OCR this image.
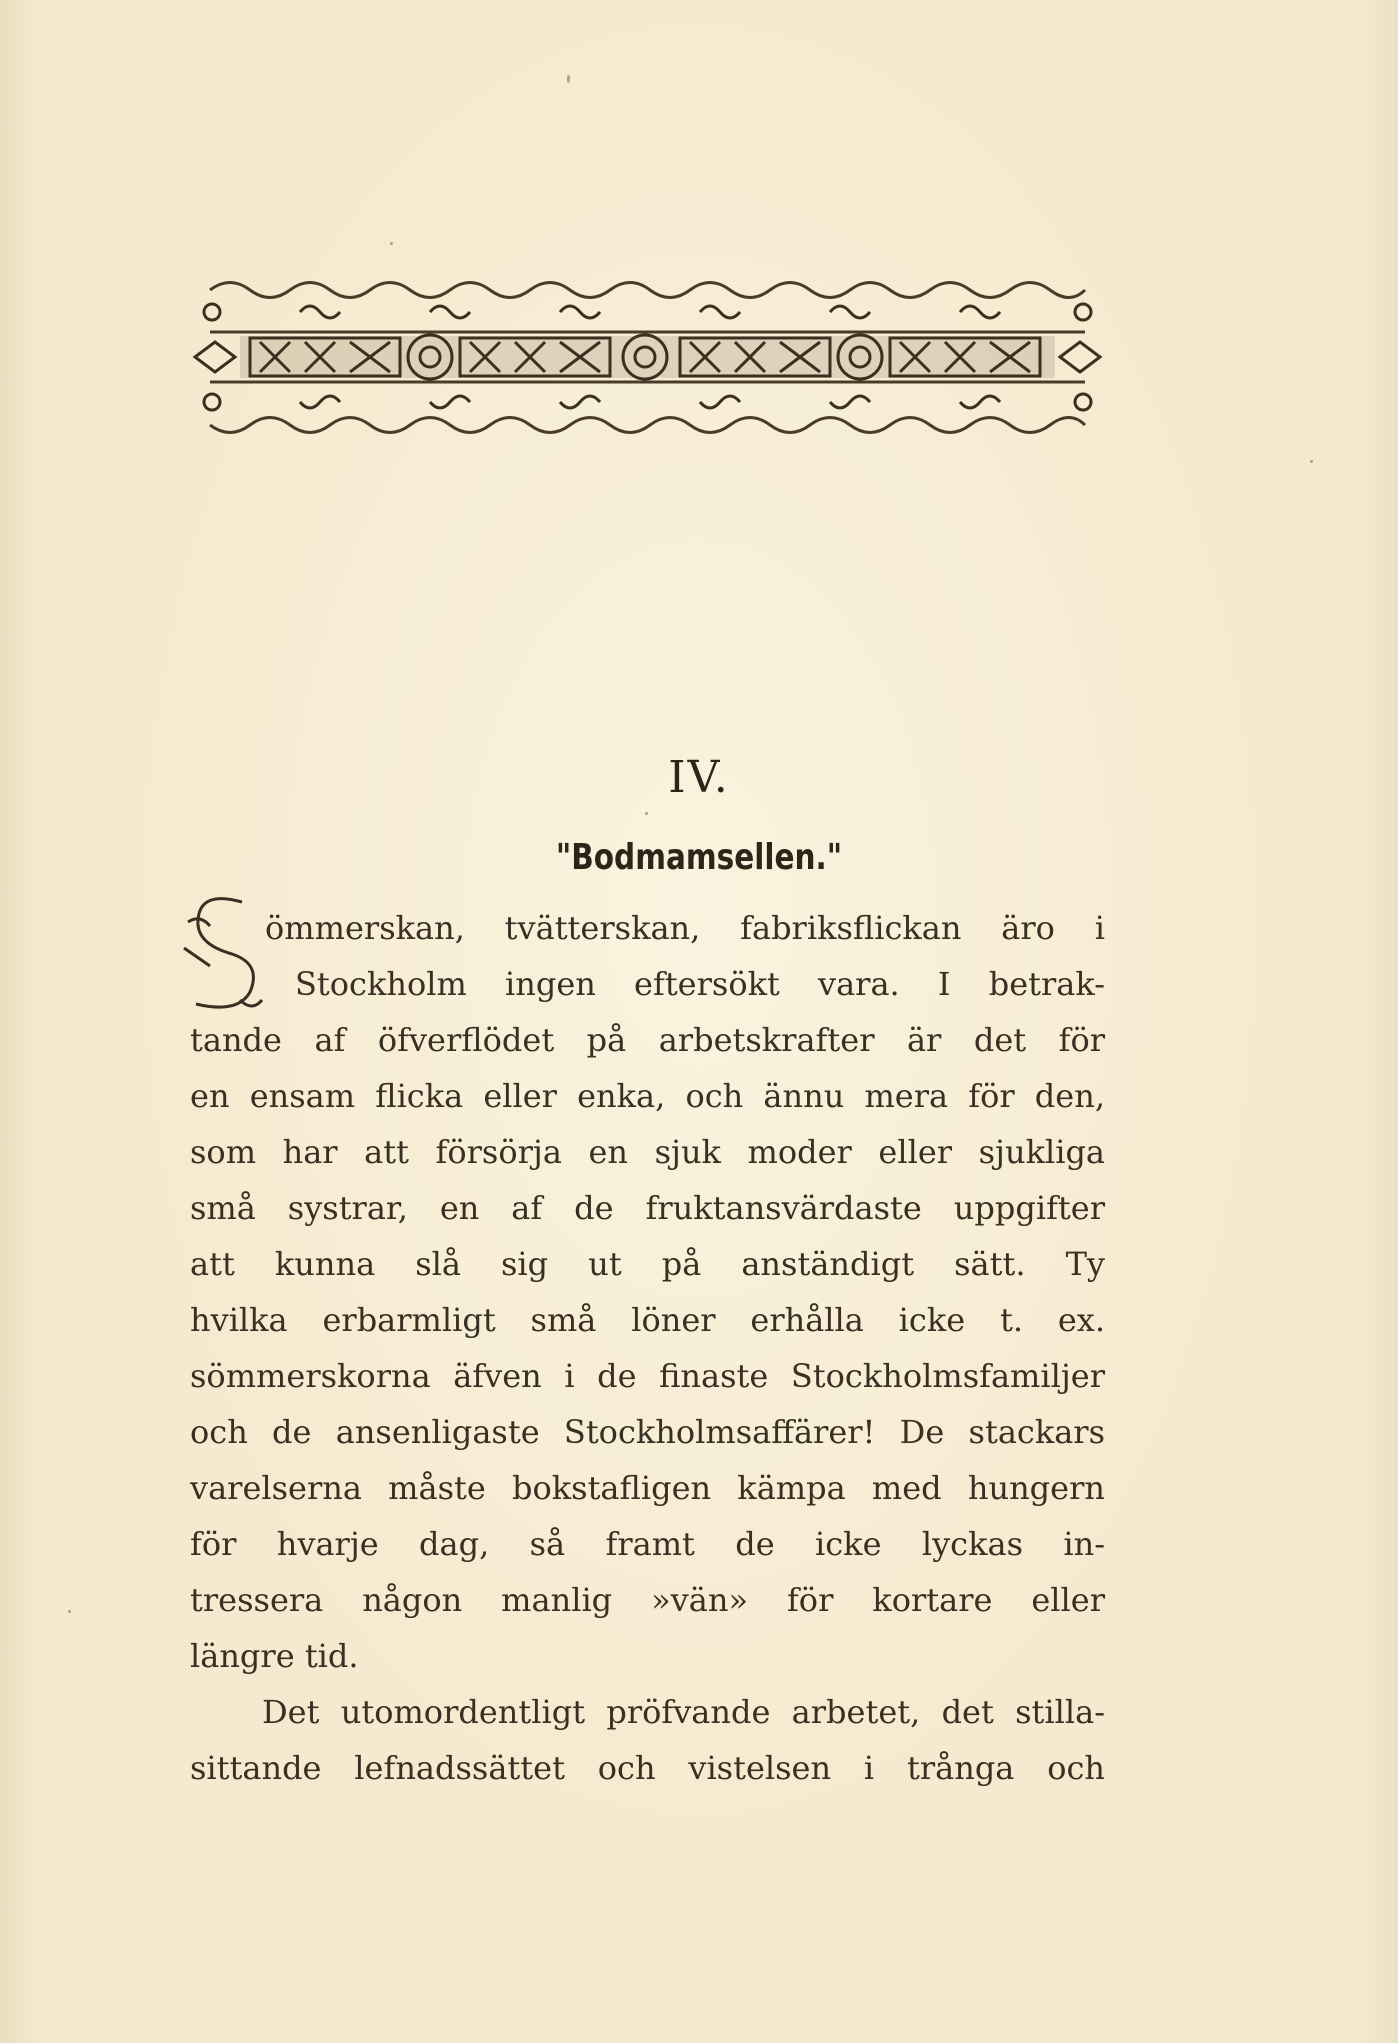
IV.
"Bodmamsellen."
ömmerskan, tvätterskan, fabriksflickan äro i
Stockholm ingen eftersökt vara. I betrak-
tande af öfverflödet på arbetskrafter är det för
en ensam flicka eller enka, och ännu mera för den,
som har att försörja en sjuk moder eller sjukliga
små systrar, en af de fruktansvärdaste uppgifter
att kunna slå sig ut på anständigt sätt. Ty
hvilka erbarmligt små löner erhålla icke t. ex.
sömmerskorna äfven i de finaste Stockholmsfamiljer
och de ansenligaste Stockholmsaffärer! De stackars
varelserna måste bokstafligen kämpa med hungern
för hvarje dag, så framt de icke lyckas in-
tressera någon manlig »vän» för kortare eller
längre tid.
Det utomordentligt pröfvande arbetet, det stilla-
sittande lefnadssättet och vistelsen i trånga och
